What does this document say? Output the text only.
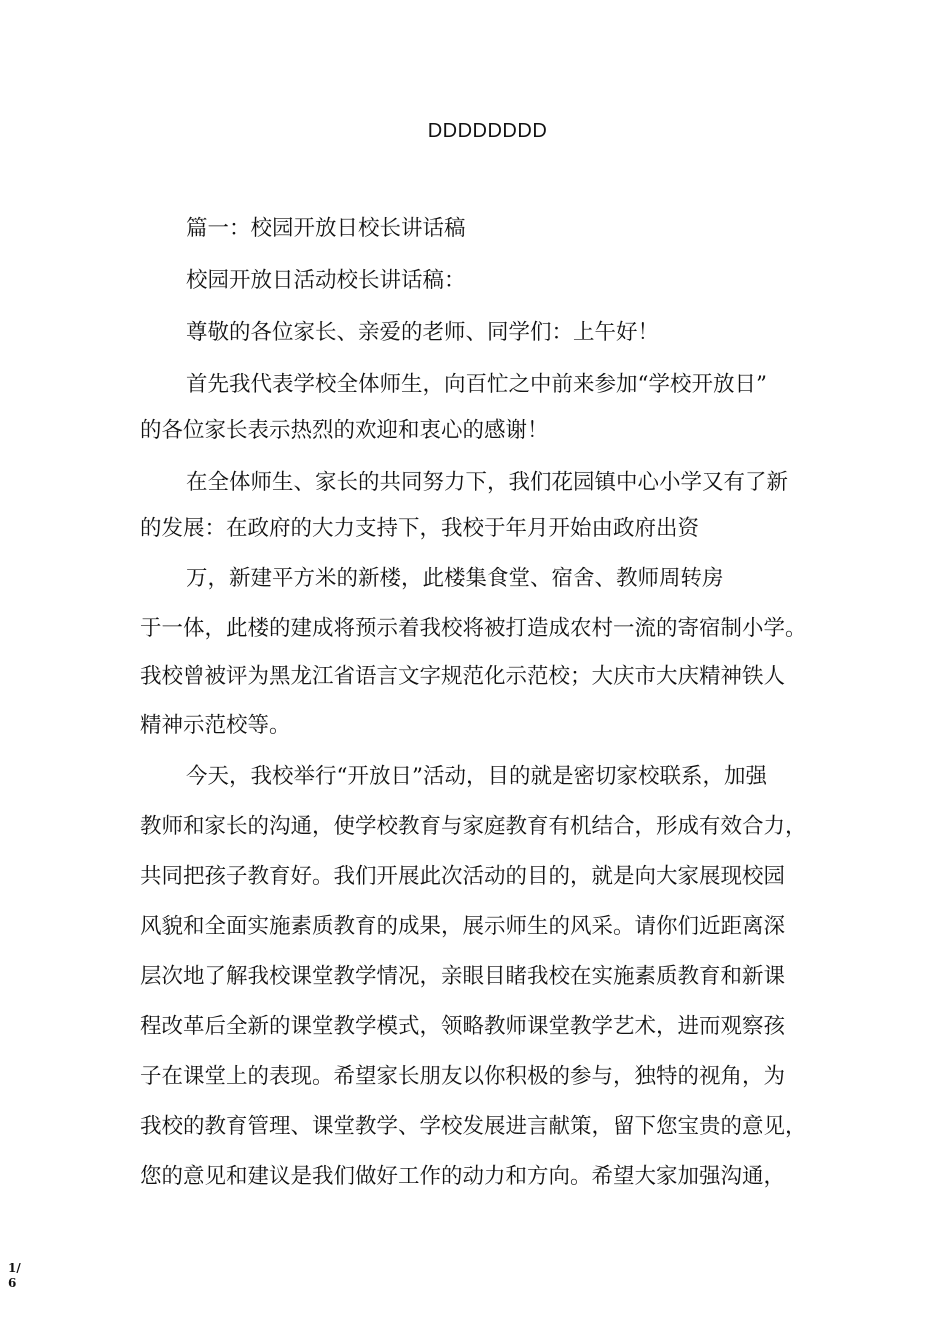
DDDDDDDD
篇一：校园开放日校长讲话稿
校园开放日活动校长讲话稿：
尊敬的各位家长、亲爱的老师、同学们：上午好！
首先我代表学校全体师生，向百忙之中前来参加“学校开放日”
的各位家长表示热烈的欢迎和衷心的感谢！
在全体师生、家长的共同努力下，我们花园镇中心小学又有了新
的发展：在政府的大力支持下，我校于年月开始由政府出资
万，新建平方米的新楼，此楼集食堂、宿舍、教师周转房
于一体，此楼的建成将预示着我校将被打造成农村一流的寄宿制小学。
我校曾被评为黑龙江省语言文字规范化示范校；大庆市大庆精神铁人
精神示范校等。
今天，我校举行“开放日”活动，目的就是密切家校联系，加强
教师和家长的沟通，使学校教育与家庭教育有机结合，形成有效合力，
共同把孩子教育好。我们开展此次活动的目的，就是向大家展现校园
风貌和全面实施素质教育的成果，展示师生的风采。请你们近距离深
层次地了解我校课堂教学情况，亲眼目睹我校在实施素质教育和新课
程改革后全新的课堂教学模式，领略教师课堂教学艺术，进而观察孩
子在课堂上的表现。希望家长朋友以你积极的参与，独特的视角，为
我校的教育管理、课堂教学、学校发展进言献策，留下您宝贵的意见，
您的意见和建议是我们做好工作的动力和方向。希望大家加强沟通，
1/6
